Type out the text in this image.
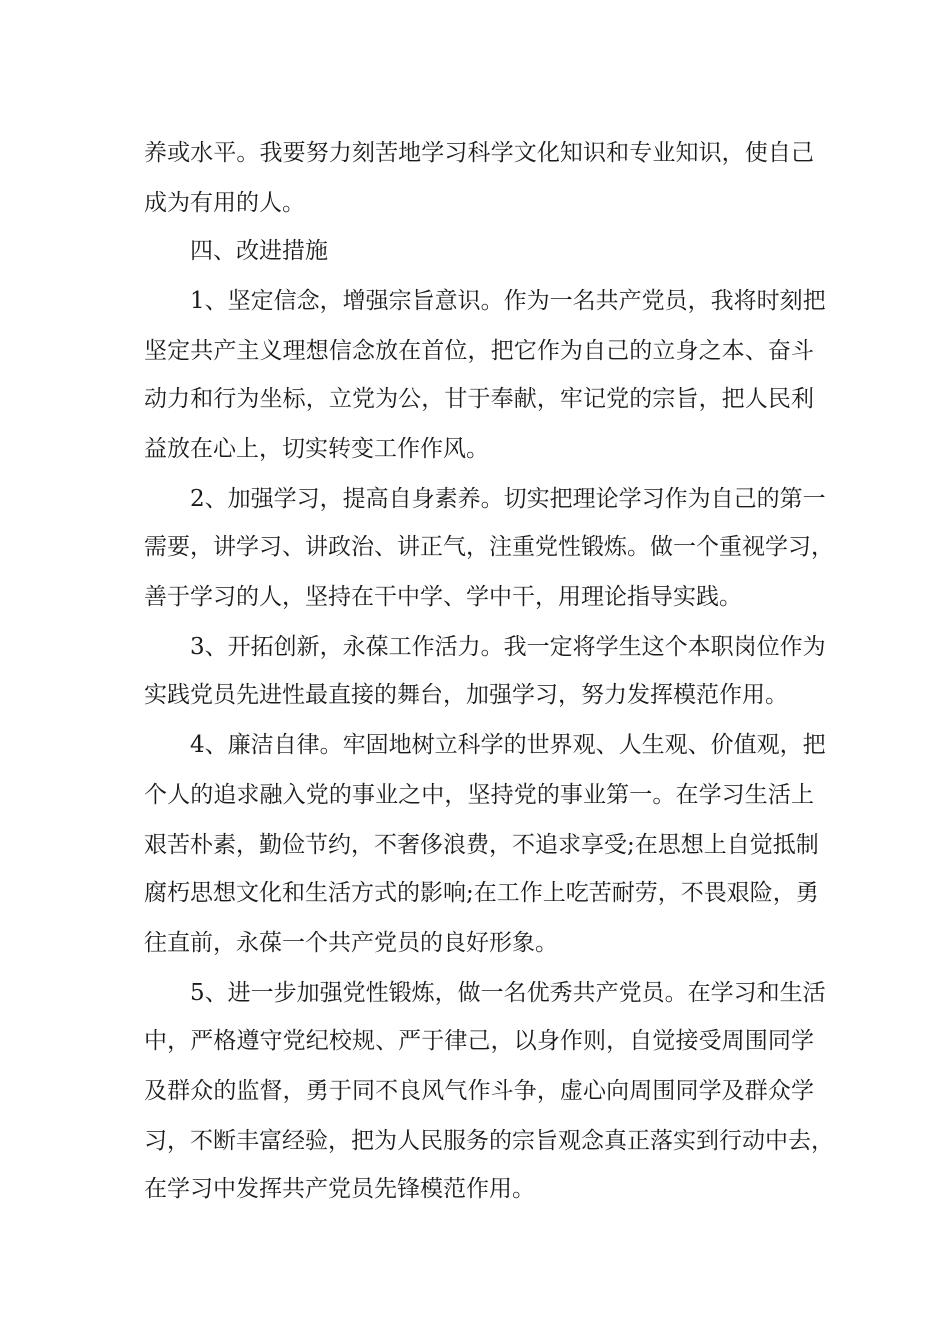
养或水平。我要努力刻苦地学习科学文化知识和专业知识，使自己
成为有用的人。
四、改进措施
1、坚定信念，增强宗旨意识。作为一名共产党员，我将时刻把
坚定共产主义理想信念放在首位，把它作为自己的立身之本、奋斗
动力和行为坐标，立党为公，甘于奉献，牢记党的宗旨，把人民利
益放在心上，切实转变工作作风。
2、加强学习，提高自身素养。切实把理论学习作为自己的第一
需要，讲学习、讲政治、讲正气，注重党性锻炼。做一个重视学习，
善于学习的人，坚持在干中学、学中干，用理论指导实践。
3、开拓创新，永葆工作活力。我一定将学生这个本职岗位作为
实践党员先进性最直接的舞台，加强学习，努力发挥模范作用。
4、廉洁自律。牢固地树立科学的世界观、人生观、价值观，把
个人的追求融入党的事业之中，坚持党的事业第一。在学习生活上
艰苦朴素，勤俭节约，不奢侈浪费，不追求享受;在思想上自觉抵制
腐朽思想文化和生活方式的影响;在工作上吃苦耐劳，不畏艰险，勇
往直前，永葆一个共产党员的良好形象。
5、进一步加强党性锻炼，做一名优秀共产党员。在学习和生活
中，严格遵守党纪校规、严于律己，以身作则，自觉接受周围同学
及群众的监督，勇于同不良风气作斗争，虚心向周围同学及群众学
习，不断丰富经验，把为人民服务的宗旨观念真正落实到行动中去，
在学习中发挥共产党员先锋模范作用。
